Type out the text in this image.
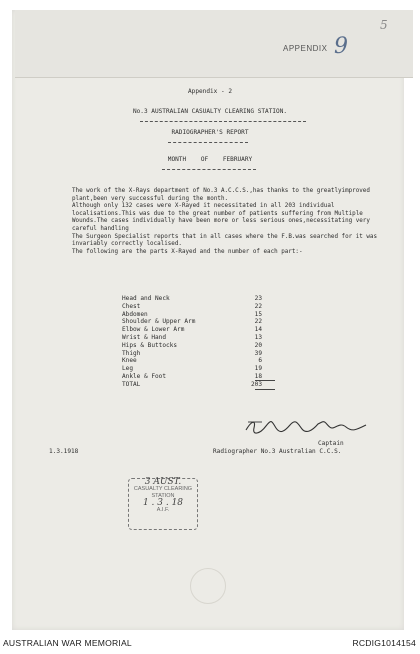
5
APPENDIX 9
Appendix - 2
No.3 AUSTRALIAN CASUALTY CLEARING STATION.
RADIOGRAPHER'S REPORT
MONTH    OF    FEBRUARY

The work of the X-Rays department of No.3 A.C.C.S.,has thanks to the greatlyimproved plant,been very successful during the month.

Although only 132 cases were X-Rayed it necessitated in all 203 individual localisations.This was due to the great number of patients suffering from Multiple Wounds.The cases individually have been more or less serious ones,necessitating very careful handling

The Surgeon Specialist reports that in all cases where the F.B.was searched for it was invariably correctly localised.

The following are the parts X-Rayed and the number of each part:-

Head and Neck	23
Chest	22
Abdomen	15
Shoulder & Upper Arm	22
Elbow & Lower Arm	14
Wrist & Hand	13
Hips & Buttocks	20
Thigh	39
Knee	6
Leg	19
Ankle & Foot	18
TOTAL	203
Captain
Radiographer No.3 Australian C.C.S.
1.3.1918
3 AUST.
CASUALTY CLEARING
STATION
1 . 3 . 18
A.I.F.
AUSTRALIAN WAR MEMORIAL	RCDIG1014154
